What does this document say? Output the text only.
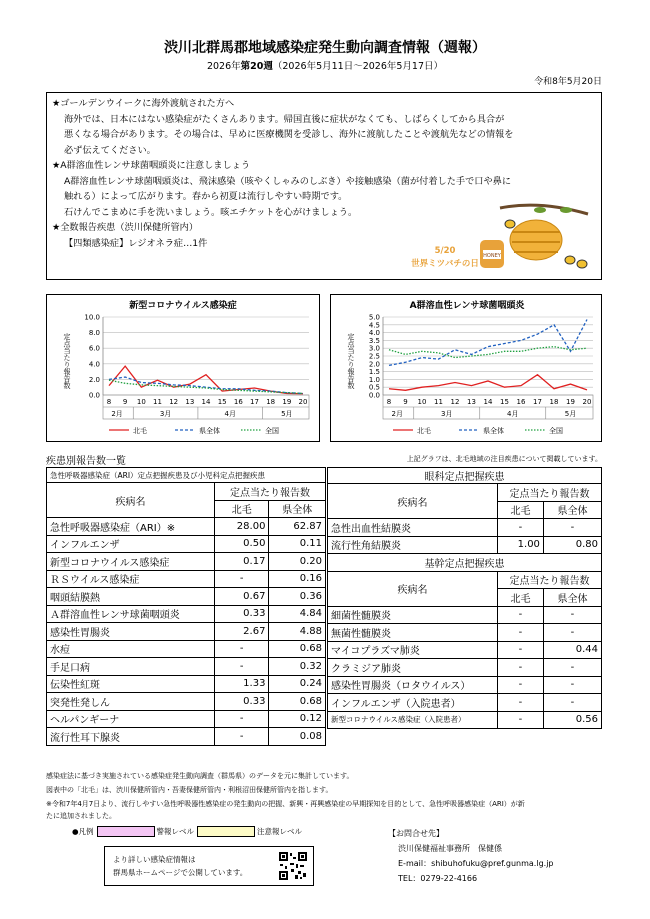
渋川北群馬郡地域感染症発生動向調査情報（週報）
2026年第20週（2026年5月11日～2026年5月17日）
令和8年5月20日
★ゴールデンウイークに海外渡航された方へ
海外では、日本にはない感染症がたくさんあります。帰国直後に症状がなくても、しばらくしてから具合が
悪くなる場合があります。その場合は、早めに医療機関を受診し、海外に渡航したことや渡航先などの情報を
必ず伝えてください。
★A群溶血性レンサ球菌咽頭炎に注意しましょう
A群溶血性レンサ球菌咽頭炎は、飛沫感染（咳やくしゃみのしぶき）や接触感染（菌が付着した手で口や鼻に
触れる）によって広がります。春から初夏は流行しやすい時期です。
石けんでこまめに手を洗いましょう。咳エチケットを心がけましょう。
★全数報告疾患（渋川保健所管内）
【四類感染症】レジオネラ症…1件
HONEY
5/20
世界ミツバチの日
新型コロナウイルス感染症
定点当たり報告数
0.0
2.0
4.0
6.0
8.0
10.0
8 9 10 11 12 13 14 15 16 17 18 19 20
2月	3月	4月	5月
北毛	県全体	全国
A群溶血性レンサ球菌咽頭炎
定点当たり報告数
0.0
0.5
1.0
1.5
2.0
2.5
3.0
3.5
4.0
4.5
5.0
8 9 10 11 12 13 14 15 16 17 18 19 20
2月	3月	4月	5月
北毛	県全体	全国
疾患別報告数一覧	上記グラフは、北毛地域の注目疾患について掲載しています。
急性呼吸器感染症（ARI）定点把握疾患及び小児科定点把握疾患		
疾病名	定点当たり報告数	
	北毛	県全体
急性呼吸器感染症（ARI）※	28.00	62.87
インフルエンザ	0.50	0.11
新型コロナウイルス感染症	0.17	0.20
ＲＳウイルス感染症	-	0.16
咽頭結膜熱	0.67	0.36
Ａ群溶血性レンサ球菌咽頭炎	0.33	4.84
感染性胃腸炎	2.67	4.88
水痘	-	0.68
手足口病	-	0.32
伝染性紅斑	1.33	0.24
突発性発しん	0.33	0.68
ヘルパンギーナ	-	0.12
流行性耳下腺炎	-	0.08
眼科定点把握疾患		
疾病名	定点当たり報告数	
	北毛	県全体
急性出血性結膜炎	-	-
流行性角結膜炎	1.00	0.80
基幹定点把握疾患		
疾病名	定点当たり報告数	
	北毛	県全体
細菌性髄膜炎	-	-
無菌性髄膜炎	-	-
マイコプラズマ肺炎	-	0.44
クラミジア肺炎	-	-
感染性胃腸炎（ロタウイルス）	-	-
インフルエンザ（入院患者）	-	-
新型コロナウイルス感染症（入院患者）	-	0.56
感染症法に基づき実施されている感染症発生動向調査（群馬県）のデータを元に集計しています。
図表中の「北毛」は、渋川保健所管内・吾妻保健所管内・利根沼田保健所管内を指します。
※令和7年4月7日より、流行しやすい急性呼吸器性感染症の発生動向の把握、新興・再興感染症の早期探知を目的として、急性呼吸器感染症（ARI）が新
たに追加されました。
●凡例	警報レベル	注意報レベル
より詳しい感染症情報は
群馬県ホームページで公開しています。
【お問合せ先】
渋川保健福祉事務所　保健係
E-mail：shibuhofuku@pref.gunma.lg.jp
TEL：0279-22-4166
